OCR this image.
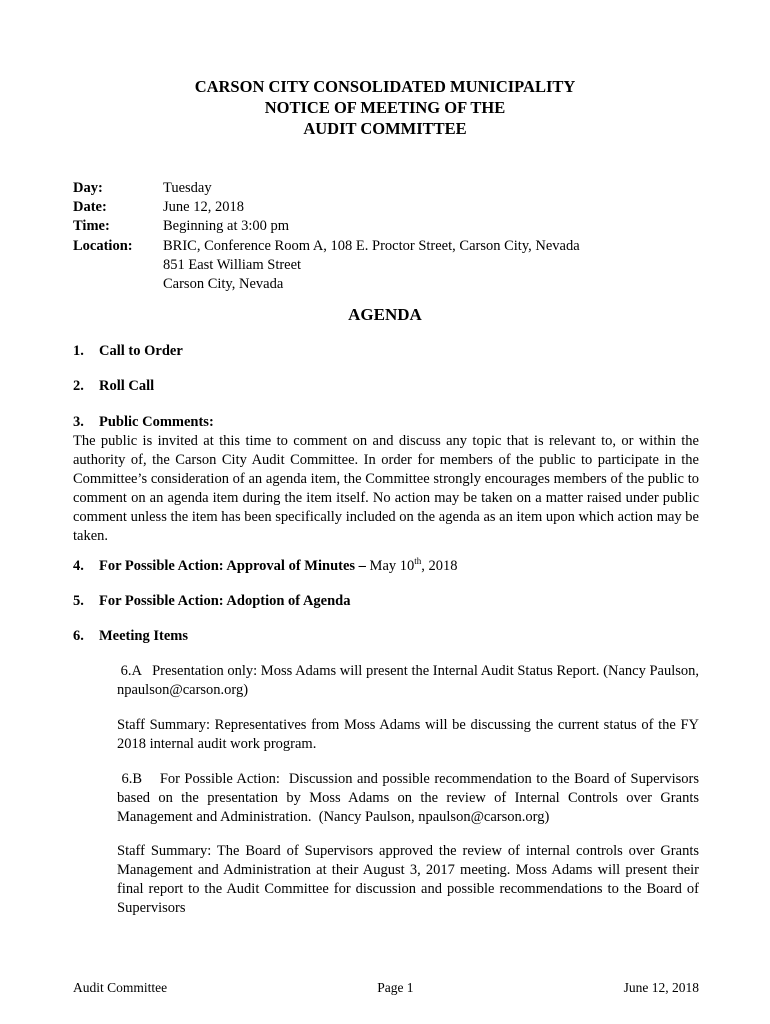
CARSON CITY CONSOLIDATED MUNICIPALITY
NOTICE OF MEETING OF THE
AUDIT COMMITTEE
Day:	Tuesday
Date:	June 12, 2018
Time:	Beginning at 3:00 pm
Location:	BRIC, Conference Room A, 108 E. Proctor Street, Carson City, Nevada
851 East William Street
Carson City, Nevada
AGENDA
1. Call to Order
2. Roll Call
3. Public Comments:
The public is invited at this time to comment on and discuss any topic that is relevant to, or within the authority of, the Carson City Audit Committee. In order for members of the public to participate in the Committee’s consideration of an agenda item, the Committee strongly encourages members of the public to comment on an agenda item during the item itself. No action may be taken on a matter raised under public comment unless the item has been specifically included on the agenda as an item upon which action may be taken.
4. For Possible Action: Approval of Minutes – May 10th, 2018
5. For Possible Action: Adoption of Agenda
6. Meeting Items
6.A   Presentation only: Moss Adams will present the Internal Audit Status Report. (Nancy Paulson, npaulson@carson.org)
Staff Summary: Representatives from Moss Adams will be discussing the current status of the FY 2018 internal audit work program.
6.B    For Possible Action:  Discussion and possible recommendation to the Board of Supervisors based on the presentation by Moss Adams on the review of Internal Controls over Grants Management and Administration.  (Nancy Paulson, npaulson@carson.org)
Staff Summary: The Board of Supervisors approved the review of internal controls over Grants Management and Administration at their August 3, 2017 meeting. Moss Adams will present their final report to the Audit Committee for discussion and possible recommendations to the Board of Supervisors
Audit Committee	Page 1	June 12, 2018
